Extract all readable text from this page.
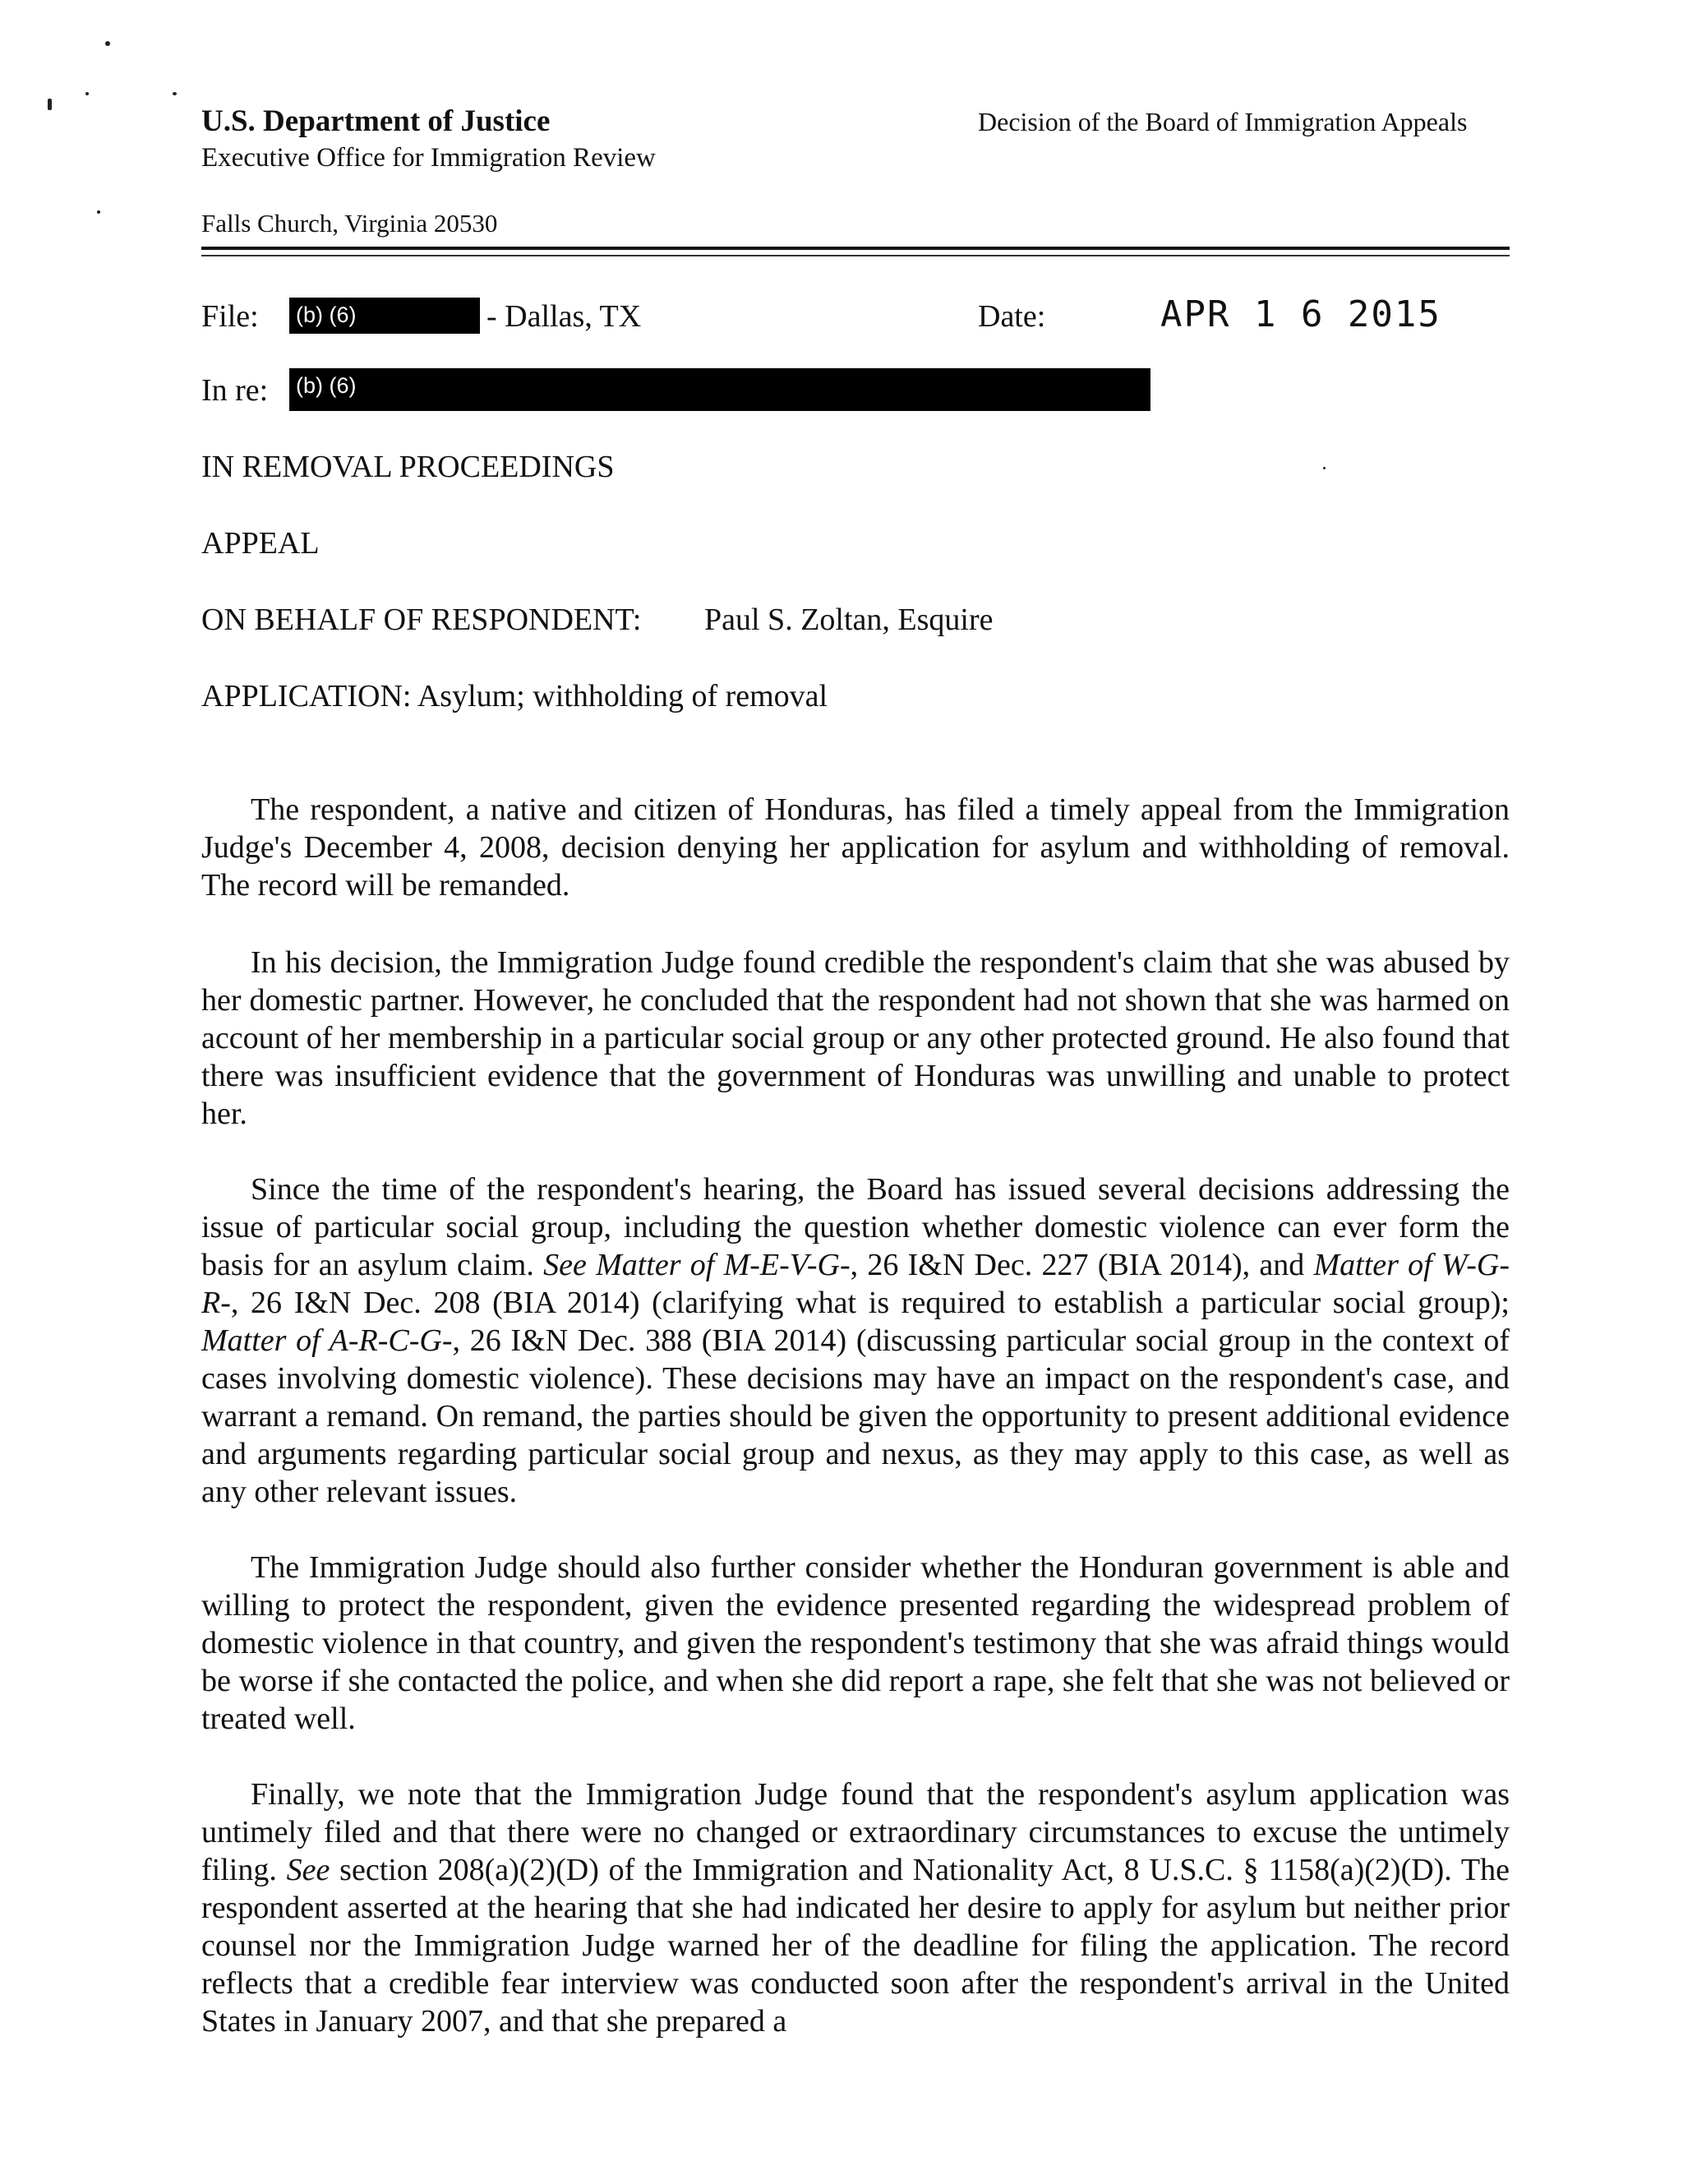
U.S. Department of Justice
Executive Office for Immigration Review
Decision of the Board of Immigration Appeals
Falls Church, Virginia 20530
File: (b) (6)	- Dallas, TX	Date:	APR 1 6 2015
In re: (b) (6)
IN REMOVAL PROCEEDINGS
APPEAL
ON BEHALF OF RESPONDENT: Paul S. Zoltan, Esquire
APPLICATION: Asylum; withholding of removal

The respondent, a native and citizen of Honduras, has filed a timely appeal from the Immigration Judge's December 4, 2008, decision denying her application for asylum and withholding of removal. The record will be remanded.

In his decision, the Immigration Judge found credible the respondent's claim that she was abused by her domestic partner. However, he concluded that the respondent had not shown that she was harmed on account of her membership in a particular social group or any other protected ground. He also found that there was insufficient evidence that the government of Honduras was unwilling and unable to protect her.

Since the time of the respondent's hearing, the Board has issued several decisions addressing the issue of particular social group, including the question whether domestic violence can ever form the basis for an asylum claim. See Matter of M-E-V-G-, 26 I&N Dec. 227 (BIA 2014), and Matter of W-G-R-, 26 I&N Dec. 208 (BIA 2014) (clarifying what is required to establish a particular social group); Matter of A-R-C-G-, 26 I&N Dec. 388 (BIA 2014) (discussing particular social group in the context of cases involving domestic violence). These decisions may have an impact on the respondent's case, and warrant a remand. On remand, the parties should be given the opportunity to present additional evidence and arguments regarding particular social group and nexus, as they may apply to this case, as well as any other relevant issues.

The Immigration Judge should also further consider whether the Honduran government is able and willing to protect the respondent, given the evidence presented regarding the widespread problem of domestic violence in that country, and given the respondent's testimony that she was afraid things would be worse if she contacted the police, and when she did report a rape, she felt that she was not believed or treated well.

Finally, we note that the Immigration Judge found that the respondent's asylum application was untimely filed and that there were no changed or extraordinary circumstances to excuse the untimely filing. See section 208(a)(2)(D) of the Immigration and Nationality Act, 8 U.S.C. § 1158(a)(2)(D). The respondent asserted at the hearing that she had indicated her desire to apply for asylum but neither prior counsel nor the Immigration Judge warned her of the deadline for filing the application. The record reflects that a credible fear interview was conducted soon after the respondent's arrival in the United States in January 2007, and that she prepared a
